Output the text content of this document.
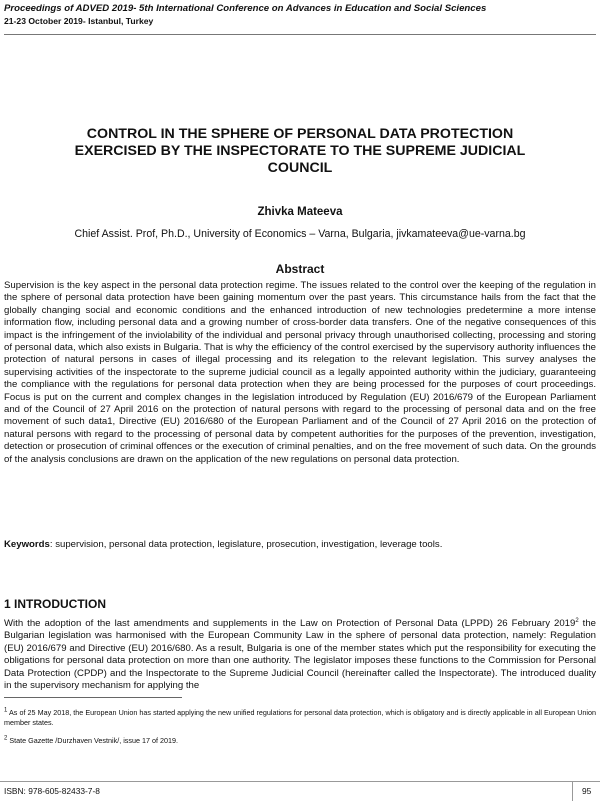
Proceedings of ADVED 2019- 5th International Conference on Advances in Education and Social Sciences
21-23 October 2019- Istanbul, Turkey
CONTROL IN THE SPHERE OF PERSONAL DATA PROTECTION
EXERCISED BY THE INSPECTORATE TO THE SUPREME JUDICIAL
COUNCIL
Zhivka Mateeva
Chief Assist. Prof, Ph.D., University of Economics – Varna, Bulgaria, jivkamateeva@ue-varna.bg
Abstract

Supervision is the key aspect in the personal data protection regime. The issues related to the control over the keeping of the regulation in the sphere of personal data protection have been gaining momentum over the past years. This circumstance hails from the fact that the globally changing social and economic conditions and the enhanced introduction of new technologies predetermine a more intense information flow, including personal data and a growing number of cross-border data transfers. One of the negative consequences of this impact is the infringement of the inviolability of the individual and personal privacy through unauthorised collecting, processing and storing of personal data, which also exists in Bulgaria. That is why the efficiency of the control exercised by the supervisory authority influences the protection of natural persons in cases of illegal processing and its relegation to the relevant legislation. This survey analyses the supervising activities of the inspectorate to the supreme judicial council as a legally appointed authority within the judiciary, guaranteeing the compliance with the regulations for personal data protection when they are being processed for the purposes of court proceedings. Focus is put on the current and complex changes in the legislation introduced by Regulation (EU) 2016/679 of the European Parliament and of the Council of 27 April 2016 on the protection of natural persons with regard to the processing of personal data and on the free movement of such data1, Directive (EU) 2016/680 of the European Parliament and of the Council of 27 April 2016 on the protection of natural persons with regard to the processing of personal data by competent authorities for the purposes of the prevention, investigation, detection or prosecution of criminal offences or the execution of criminal penalties, and on the free movement of such data. On the grounds of the analysis conclusions are drawn on the application of the new regulations on personal data protection.

Keywords: supervision, personal data protection, legislature, prosecution, investigation, leverage tools.

1 INTRODUCTION

With the adoption of the last amendments and supplements in the Law on Protection of Personal Data (LPPD) 26 February 2019$^2$ the Bulgarian legislation was harmonised with the European Community Law in the sphere of personal data protection, namely: Regulation (EU) 2016/679 and Directive (EU) 2016/680. As a result, Bulgaria is one of the member states which put the responsibility for executing the obligations for personal data protection on more than one authority. The legislator imposes these functions to the Commission for Personal Data Protection (CPDP) and the Inspectorate to the Supreme Judicial Council (hereinafter called the Inspectorate). The introduced duality in the supervisory mechanism for applying the

$^1$ As of 25 May 2018, the European Union has started applying the new unified regulations for personal data protection, which is obligatory and is directly applicable in all European Union member states.

$^2$ State Gazette /Durzhaven Vestnik/, issue 17 of 2019.

ISBN: 978-605-82433-7-8	95
